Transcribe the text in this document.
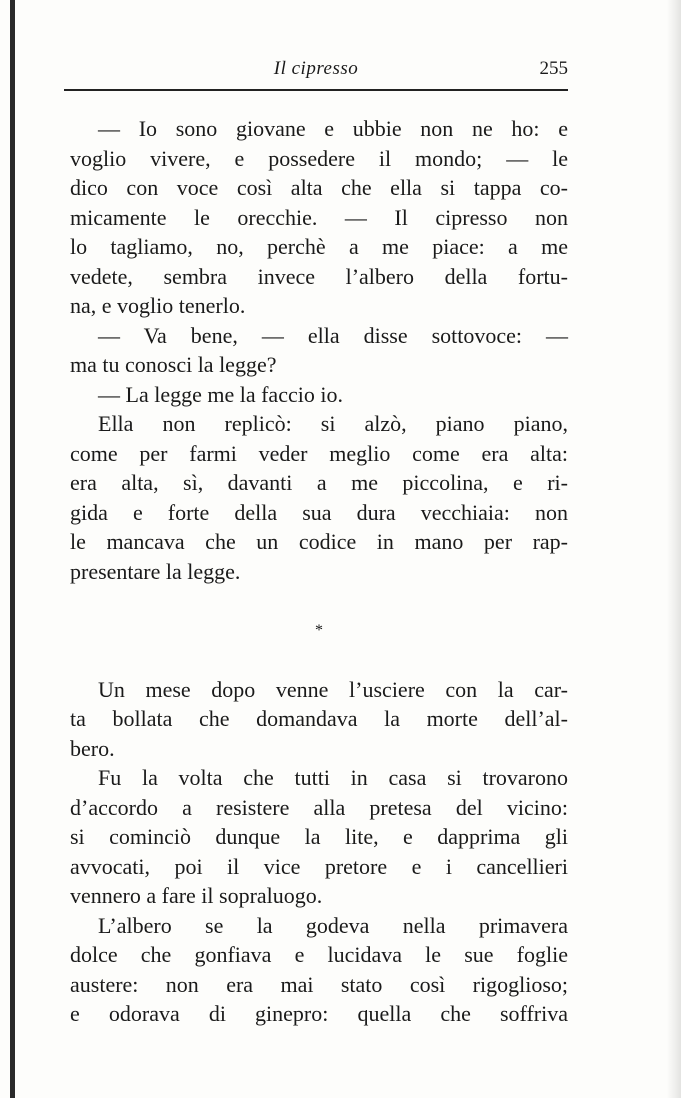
Il cipresso	255
— Io sono giovane e ubbie non ne ho: e
voglio vivere, e possedere il mondo; — le
dico con voce così alta che ella si tappa co-
micamente le orecchie. — Il cipresso non
lo tagliamo, no, perchè a me piace: a me
vedete, sembra invece l’albero della fortu-
na, e voglio tenerlo.
— Va bene, — ella disse sottovoce: —
ma tu conosci la legge?
— La legge me la faccio io.
Ella non replicò: si alzò, piano piano,
come per farmi veder meglio come era alta:
era alta, sì, davanti a me piccolina, e ri-
gida e forte della sua dura vecchiaia: non
le mancava che un codice in mano per rap-
presentare la legge.
*
Un mese dopo venne l’usciere con la car-
ta bollata che domandava la morte dell’al-
bero.
Fu la volta che tutti in casa si trovarono
d’accordo a resistere alla pretesa del vicino:
si cominciò dunque la lite, e dapprima gli
avvocati, poi il vice pretore e i cancellieri
vennero a fare il sopraluogo.
L’albero se la godeva nella primavera
dolce che gonfiava e lucidava le sue foglie
austere: non era mai stato così rigoglioso;
e odorava di ginepro: quella che soffriva
